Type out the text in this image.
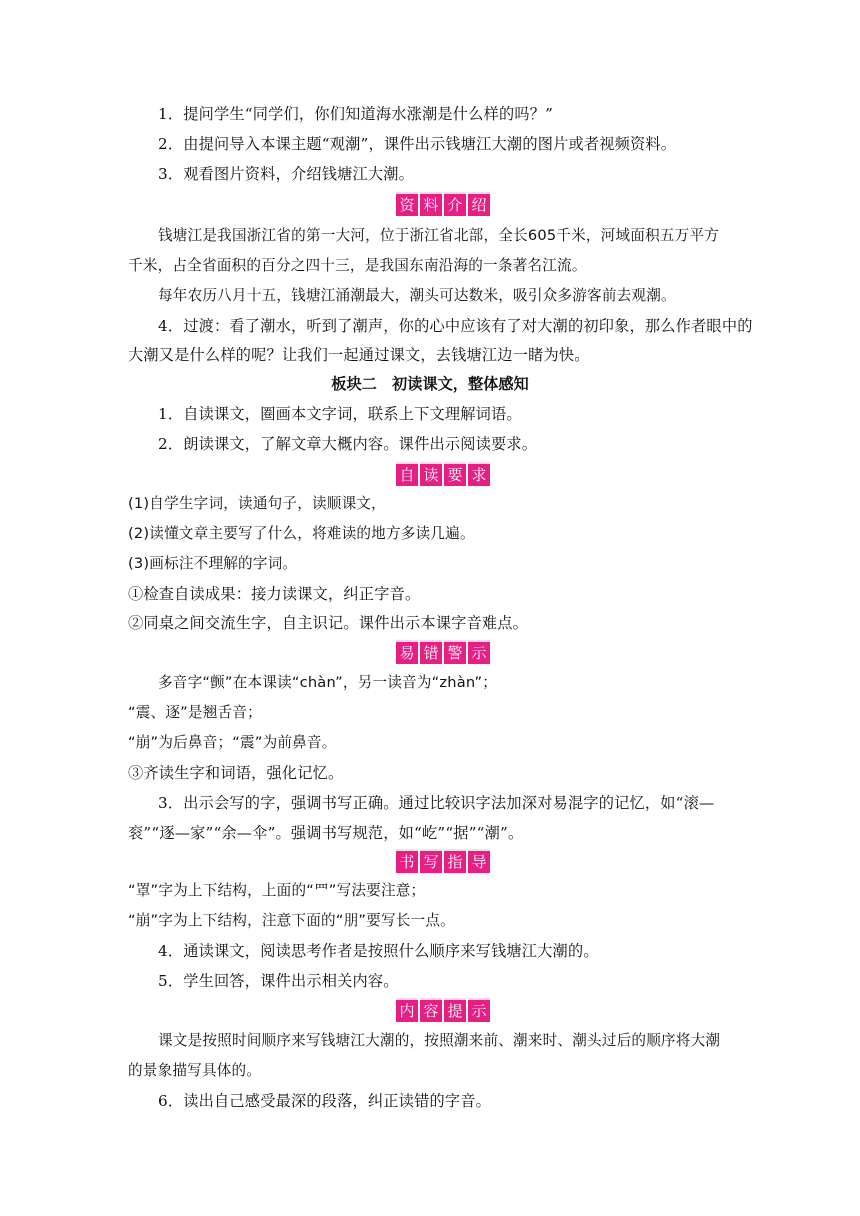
1．提问学生“同学们，你们知道海水涨潮是什么样的吗？”
2．由提问导入本课主题“观潮”，课件出示钱塘江大潮的图片或者视频资料。
3．观看图片资料，介绍钱塘江大潮。
资 料 介 绍
钱塘江是我国浙江省的第一大河，位于浙江省北部，全长605千米，河域面积五万平方
千米，占全省面积的百分之四十三，是我国东南沿海的一条著名江流。
每年农历八月十五，钱塘江涌潮最大，潮头可达数米，吸引众多游客前去观潮。
4．过渡：看了潮水，听到了潮声，你的心中应该有了对大潮的初印象，那么作者眼中的
大潮又是什么样的呢？让我们一起通过课文，去钱塘江边一睹为快。
板块二　初读课文，整体感知
1．自读课文，圈画本文字词，联系上下文理解词语。
2．朗读课文，了解文章大概内容。课件出示阅读要求。
自 读 要 求
(1)自学生字词，读通句子，读顺课文，
(2)读懂文章主要写了什么，将难读的地方多读几遍。
(3)画标注不理解的字词。
①检查自读成果：接力读课文，纠正字音。
②同桌之间交流生字，自主识记。课件出示本课字音难点。
易 错 警 示
多音字“颤”在本课读“chàn”，另一读音为“zhàn”；
“震、逐”是翘舌音；
“崩”为后鼻音；“震”为前鼻音。
③齐读生字和词语，强化记忆。
3．出示会写的字，强调书写正确。通过比较识字法加深对易混字的记忆，如“滚—
衮”“逐—家”“余—伞”。强调书写规范，如“屹”“据”“潮”。
书 写 指 导
“罩”字为上下结构，上面的“罒”写法要注意；
“崩”字为上下结构，注意下面的“朋”要写长一点。
4．通读课文，阅读思考作者是按照什么顺序来写钱塘江大潮的。
5．学生回答，课件出示相关内容。
内 容 提 示
课文是按照时间顺序来写钱塘江大潮的，按照潮来前、潮来时、潮头过后的顺序将大潮
的景象描写具体的。
6．读出自己感受最深的段落，纠正读错的字音。
